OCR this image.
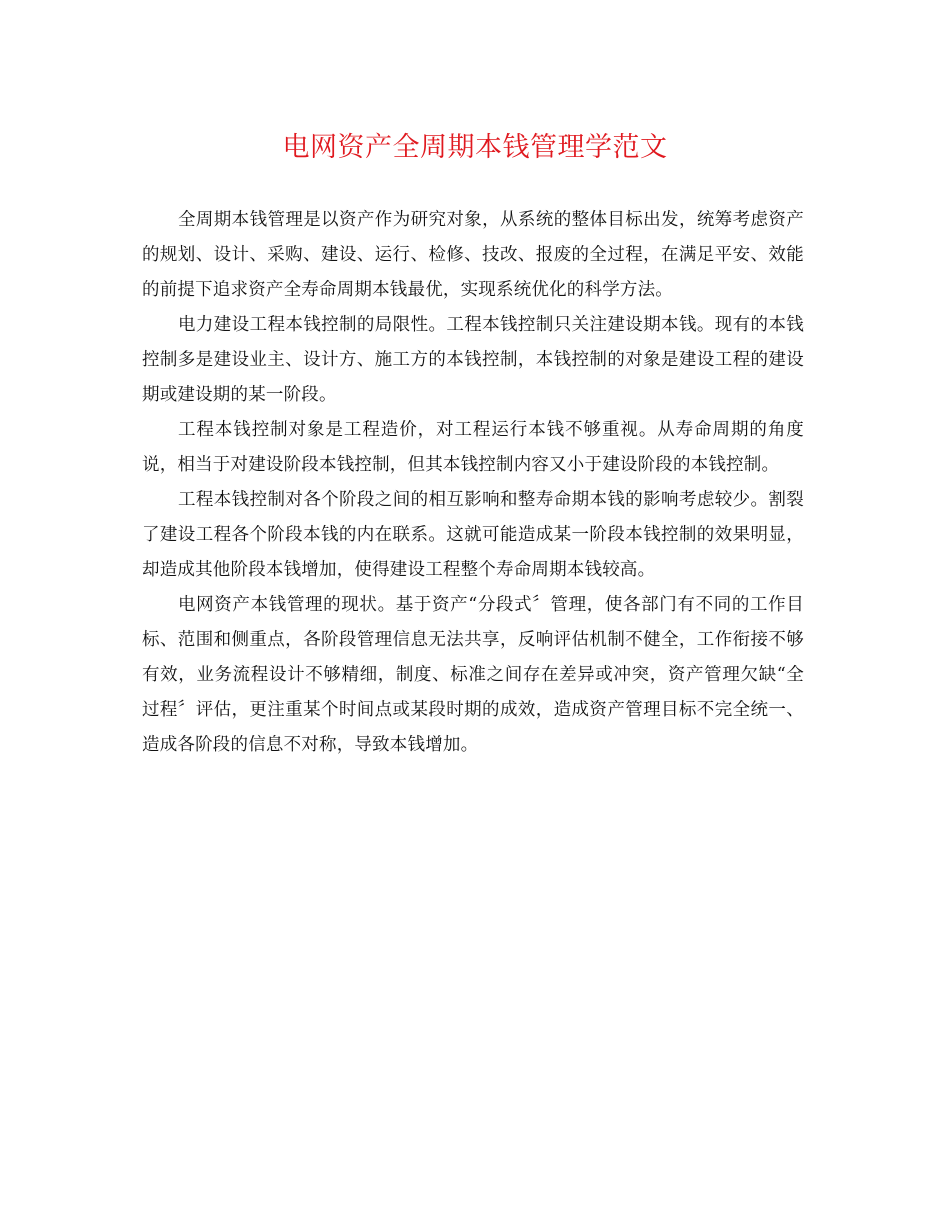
电网资产全周期本钱管理学范文

全周期本钱管理是以资产作为研究对象，从系统的整体目标出发，统筹考虑资产的规划、设计、采购、建设、运行、检修、技改、报废的全过程，在满足平安、效能的前提下追求资产全寿命周期本钱最优，实现系统优化的科学方法。

电力建设工程本钱控制的局限性。工程本钱控制只关注建设期本钱。现有的本钱控制多是建设业主、设计方、施工方的本钱控制，本钱控制的对象是建设工程的建设期或建设期的某一阶段。

工程本钱控制对象是工程造价，对工程运行本钱不够重视。从寿命周期的角度说，相当于对建设阶段本钱控制，但其本钱控制内容又小于建设阶段的本钱控制。

工程本钱控制对各个阶段之间的相互影响和整寿命期本钱的影响考虑较少。割裂了建设工程各个阶段本钱的内在联系。这就可能造成某一阶段本钱控制的效果明显，却造成其他阶段本钱增加，使得建设工程整个寿命周期本钱较高。

电网资产本钱管理的现状。基于资产“分段式〞管理，使各部门有不同的工作目标、范围和侧重点，各阶段管理信息无法共享，反响评估机制不健全，工作衔接不够有效，业务流程设计不够精细，制度、标准之间存在差异或冲突，资产管理欠缺“全过程〞评估，更注重某个时间点或某段时期的成效，造成资产管理目标不完全统一、造成各阶段的信息不对称，导致本钱增加。
